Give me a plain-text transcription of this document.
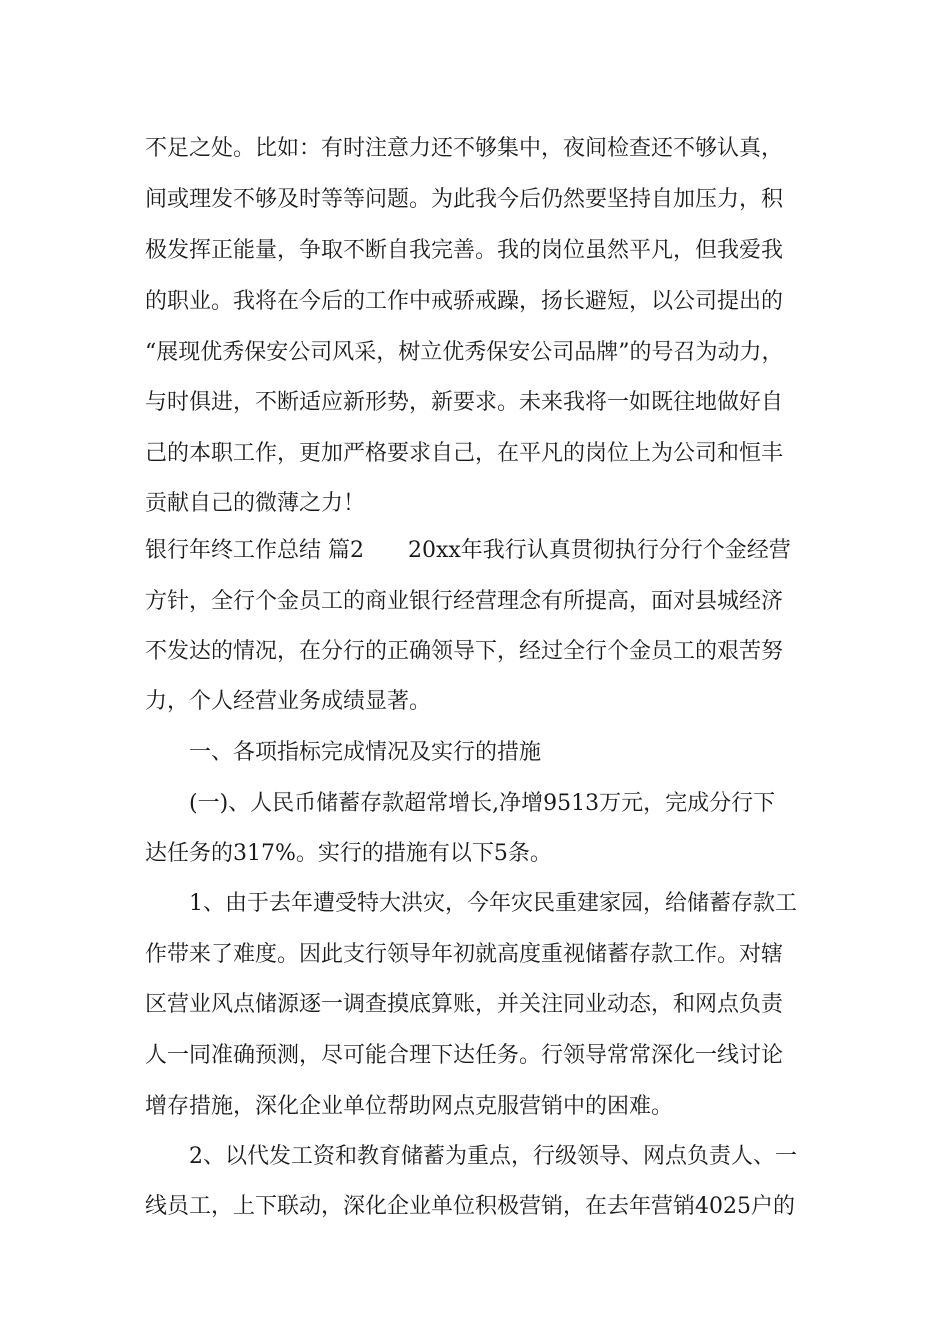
不足之处。比如：有时注意力还不够集中，夜间检查还不够认真，
间或理发不够及时等等问题。为此我今后仍然要坚持自加压力，积
极发挥正能量，争取不断自我完善。我的岗位虽然平凡，但我爱我
的职业。我将在今后的工作中戒骄戒躁，扬长避短，以公司提出的
“展现优秀保安公司风采，树立优秀保安公司品牌”的号召为动力，
与时俱进，不断适应新形势，新要求。未来我将一如既往地做好自
己的本职工作，更加严格要求自己，在平凡的岗位上为公司和恒丰
贡献自己的微薄之力！
银行年终工作总结 篇2　　20xx年我行认真贯彻执行分行个金经营
方针，全行个金员工的商业银行经营理念有所提高，面对县城经济
不发达的情况，在分行的正确领导下，经过全行个金员工的艰苦努
力，个人经营业务成绩显著。
　　一、各项指标完成情况及实行的措施
　　(一)、人民币储蓄存款超常增长,净增9513万元，完成分行下
达任务的317%。实行的措施有以下5条。
　　1、由于去年遭受特大洪灾，今年灾民重建家园，给储蓄存款工
作带来了难度。因此支行领导年初就高度重视储蓄存款工作。对辖
区营业风点储源逐一调查摸底算账，并关注同业动态，和网点负责
人一同准确预测，尽可能合理下达任务。行领导常常深化一线讨论
增存措施，深化企业单位帮助网点克服营销中的困难。
　　2、以代发工资和教育储蓄为重点，行级领导、网点负责人、一
线员工，上下联动，深化企业单位积极营销，在去年营销4025户的
